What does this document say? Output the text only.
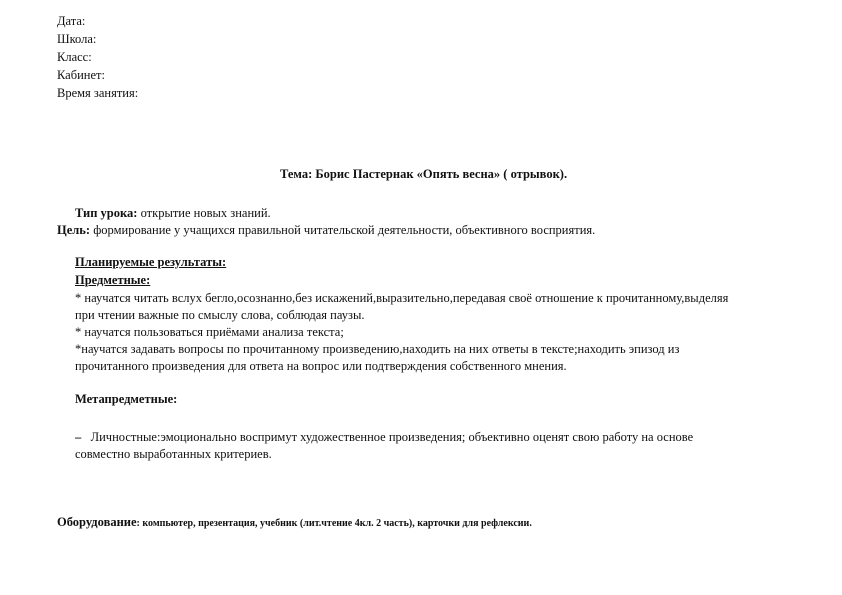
Дата:
Школа:
Класс:
Кабинет:
Время занятия:
Тема: Борис Пастернак «Опять весна» ( отрывок).
Тип урока: открытие новых знаний.
Цель: формирование у учащихся правильной читательской деятельности, объективного восприятия.
Планируемые результаты:
Предметные:
* научатся читать вслух бегло,осознанно,без искажений,выразительно,передавая своё отношение к прочитанному,выделяя
при чтении важные по смыслу слова, соблюдая паузы.
* научатся пользоваться приёмами анализа текста;
*научатся задавать вопросы по прочитанному произведению,находить на них ответы в тексте;находить эпизод из
прочитанного произведения для ответа на вопрос или подтверждения собственного мнения.
Метапредметные:
– Личностные:эмоционально воспримут художественное произведения; объективно оценят свою работу на основе
совместно выработанных критериев.
Оборудование: компьютер, презентация, учебник (лит.чтение 4кл. 2 часть), карточки для рефлексии.
